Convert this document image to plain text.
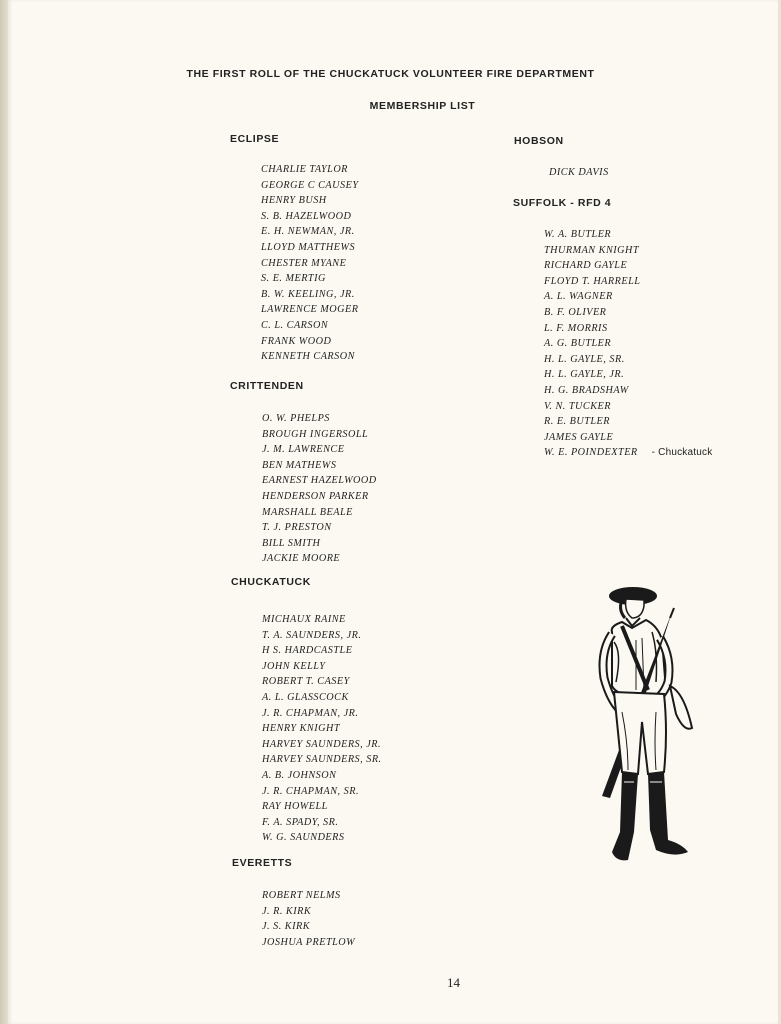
THE FIRST ROLL OF THE CHUCKATUCK VOLUNTEER FIRE DEPARTMENT
MEMBERSHIP LIST
ECLIPSE
CHARLIE TAYLOR
GEORGE C CAUSEY
HENRY BUSH
S. B. HAZELWOOD
E. H. NEWMAN, JR.
LLOYD MATTHEWS
CHESTER MYANE
S. E. MERTIG
B. W. KEELING, JR.
LAWRENCE MOGER
C. L. CARSON
FRANK WOOD
KENNETH CARSON
CRITTENDEN
O. W. PHELPS
BROUGH INGERSOLL
J. M. LAWRENCE
BEN MATHEWS
EARNEST HAZELWOOD
HENDERSON PARKER
MARSHALL BEALE
T. J. PRESTON
BILL SMITH
JACKIE MOORE
CHUCKATUCK
MICHAUX RAINE
T. A. SAUNDERS, JR.
H S. HARDCASTLE
JOHN KELLY
ROBERT T. CASEY
A. L. GLASSCOCK
J. R. CHAPMAN, JR.
HENRY KNIGHT
HARVEY SAUNDERS, JR.
HARVEY SAUNDERS, SR.
A. B. JOHNSON
J. R. CHAPMAN, SR.
RAY HOWELL
F. A. SPADY, SR.
W. G. SAUNDERS
EVERETTS
ROBERT NELMS
J. R. KIRK
J. S. KIRK
JOSHUA PRETLOW
HOBSON
DICK DAVIS
SUFFOLK - RFD 4
W. A. BUTLER
THURMAN KNIGHT
RICHARD GAYLE
FLOYD T. HARRELL
A. L. WAGNER
B. F. OLIVER
L. F. MORRIS
A. G. BUTLER
H. L. GAYLE, SR.
H. L. GAYLE, JR.
H. G. BRADSHAW
V. N. TUCKER
R. E. BUTLER
JAMES GAYLE
W. E. POINDEXTER - Chuckatuck
14
